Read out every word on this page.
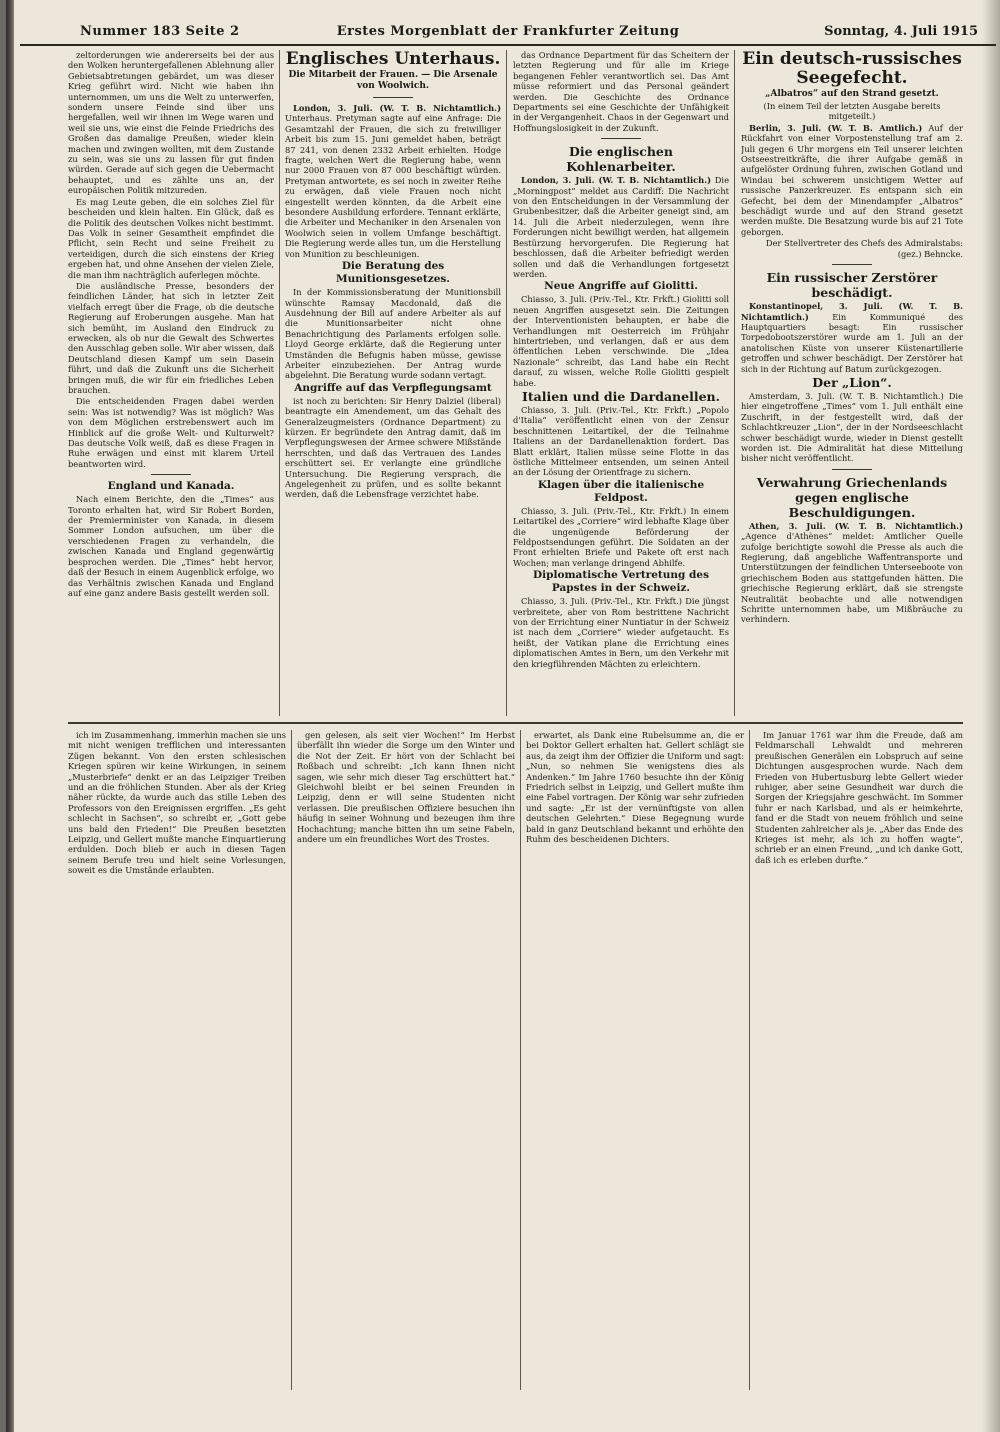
Nummer 183 Seite 2	Erstes Morgenblatt der Frankfurter Zeitung	Sonntag, 4. Juli 1915

zeltorderungen wie andererseits bei der aus den Wolken heruntergefallenen Ablehnung aller Gebietsabtretungen gebärdet, um was dieser Krieg geführt wird. Nicht wie haben ihn unternommen, um uns die Welt zu unterwerfen, sondern unsere Feinde sind über uns hergefallen, weil wir ihnen im Wege waren und weil sie uns, wie einst die Feinde Friedrichs des Großen das damalige Preußen, wieder klein machen und zwingen wollten, mit dem Zustande zu sein, was sie uns zu lassen für gut finden würden. Gerade auf sich gegen die Uebermacht behauptet, und es zählte uns an, der europäischen Politik mitzureden.

Es mag Leute geben, die ein solches Ziel für bescheiden und klein halten. Ein Glück, daß es die Politik des deutschen Volkes nicht bestimmt. Das Volk in seiner Gesamtheit empfindet die Pflicht, sein Recht und seine Freiheit zu verteidigen, durch die sich einstens der Krieg ergeben hat, und ohne Ansehen der vielen Ziele, die man ihm nachträglich auferlegen möchte.

Die ausländische Presse, besonders der feindlichen Länder, hat sich in letzter Zeit vielfach erregt über die Frage, ob die deutsche Regierung auf Eroberungen ausgehe. Man hat sich bemüht, im Ausland den Eindruck zu erwecken, als ob nur die Gewalt des Schwertes den Ausschlag geben solle. Wir aber wissen, daß Deutschland diesen Kampf um sein Dasein führt, und daß die Zukunft uns die Sicherheit bringen muß, die wir für ein friedliches Leben brauchen.

Die entscheidenden Fragen dabei werden sein: Was ist notwendig? Was ist möglich? Was von dem Möglichen erstrebenswert auch im Hinblick auf die große Welt- und Kulturwelt? Das deutsche Volk weiß, daß es diese Fragen in Ruhe erwägen und einst mit klarem Urteil beantworten wird.

England und Kanada.

Nach einem Berichte, den die „Times“ aus Toronto erhalten hat, wird Sir Robert Borden, der Premierminister von Kanada, in diesem Sommer London aufsuchen, um über die verschiedenen Fragen zu verhandeln, die zwischen Kanada und England gegenwärtig besprochen werden. Die „Times“ hebt hervor, daß der Besuch in einem Augenblick erfolge, wo das Verhältnis zwischen Kanada und England auf eine ganz andere Basis gestellt werden soll.

Englisches Unterhaus.

Die Mitarbeit der Frauen. — Die Arsenale von Woolwich.

London, 3. Juli. (W. T. B. Nichtamtlich.) Unterhaus. Pretyman sagte auf eine Anfrage: Die Gesamtzahl der Frauen, die sich zu freiwilliger Arbeit bis zum 15. Juni gemeldet haben, beträgt 87 241, von denen 2332 Arbeit erhielten. Hodge fragte, welchen Wert die Regierung habe, wenn nur 2000 Frauen von 87 000 beschäftigt würden. Pretyman antwortete, es sei noch in zweiter Reihe zu erwägen, daß viele Frauen noch nicht eingestellt werden könnten, da die Arbeit eine besondere Ausbildung erfordere. Tennant erklärte, die Arbeiter und Mechaniker in den Arsenalen von Woolwich seien in vollem Umfange beschäftigt. Die Regierung werde alles tun, um die Herstellung von Munition zu beschleunigen.

Die Beratung des Munitionsgesetzes.

In der Kommissionsberatung der Munitionsbill wünschte Ramsay Macdonald, daß die Ausdehnung der Bill auf andere Arbeiter als auf die Munitionsarbeiter nicht ohne Benachrichtigung des Parlaments erfolgen solle. Lloyd George erklärte, daß die Regierung unter Umständen die Befugnis haben müsse, gewisse Arbeiter einzubeziehen. Der Antrag wurde abgelehnt. Die Beratung wurde sodann vertagt.

Angriffe auf das Verpflegungsamt

ist noch zu berichten: Sir Henry Dalziel (liberal) beantragte ein Amendement, um das Gehalt des Generalzeugmeisters (Ordnance Department) zu kürzen. Er begründete den Antrag damit, daß im Verpflegungswesen der Armee schwere Mißstände herrschten, und daß das Vertrauen des Landes erschüttert sei. Er verlangte eine gründliche Untersuchung. Die Regierung versprach, die Angelegenheit zu prüfen, und es sollte bekannt werden, daß die Lebensfrage verzichtet habe.

das Ordnance Department für das Scheitern der letzten Regierung und für alle im Kriege begangenen Fehler verantwortlich sei. Das Amt müsse reformiert und das Personal geändert werden. Die Geschichte des Ordnance Departments sei eine Geschichte der Unfähigkeit in der Vergangenheit. Chaos in der Gegenwart und Hoffnungslosigkeit in der Zukunft.

Die englischen Kohlenarbeiter.

London, 3. Juli. (W. T. B. Nichtamtlich.) Die „Morningpost“ meldet aus Cardiff: Die Nachricht von den Entscheidungen in der Versammlung der Grubenbesitzer, daß die Arbeiter geneigt sind, am 14. Juli die Arbeit niederzulegen, wenn ihre Forderungen nicht bewilligt werden, hat allgemein Bestürzung hervorgerufen. Die Regierung hat beschlossen, daß die Arbeiter befriedigt werden sollen und daß die Verhandlungen fortgesetzt werden.

Neue Angriffe auf Giolitti.

Chiasso, 3. Juli. (Priv.-Tel., Ktr. Frkft.) Giolitti soll neuen Angriffen ausgesetzt sein. Die Zeitungen der Interventionisten behaupten, er habe die Verhandlungen mit Oesterreich im Frühjahr hintertrieben, und verlangen, daß er aus dem öffentlichen Leben verschwinde. Die „Idea Nazionale“ schreibt, das Land habe ein Recht darauf, zu wissen, welche Rolle Giolitti gespielt habe.

Italien und die Dardanellen.

Chiasso, 3. Juli. (Priv.-Tel., Ktr. Frkft.) „Popolo d'Italia“ veröffentlicht einen von der Zensur beschnittenen Leitartikel, der die Teilnahme Italiens an der Dardanellenaktion fordert. Das Blatt erklärt, Italien müsse seine Flotte in das östliche Mittelmeer entsenden, um seinen Anteil an der Lösung der Orientfrage zu sichern.

Klagen über die italienische Feldpost.

Chiasso, 3. Juli. (Priv.-Tel., Ktr. Frkft.) In einem Leitartikel des „Corriere“ wird lebhafte Klage über die ungenügende Beförderung der Feldpostsendungen geführt. Die Soldaten an der Front erhielten Briefe und Pakete oft erst nach Wochen; man verlange dringend Abhilfe.

Diplomatische Vertretung des Papstes in der Schweiz.

Chiasso, 3. Juli. (Priv.-Tel., Ktr. Frkft.) Die jüngst verbreitete, aber von Rom bestrittene Nachricht von der Errichtung einer Nuntiatur in der Schweiz ist nach dem „Corriere“ wieder aufgetaucht. Es heißt, der Vatikan plane die Errichtung eines diplomatischen Amtes in Bern, um den Verkehr mit den kriegführenden Mächten zu erleichtern.

Ein deutsch-russisches Seegefecht.

„Albatros“ auf den Strand gesetzt.

(In einem Teil der letzten Ausgabe bereits mitgeteilt.)

Berlin, 3. Juli. (W. T. B. Amtlich.) Auf der Rückfahrt von einer Vorpostenstellung traf am 2. Juli gegen 6 Uhr morgens ein Teil unserer leichten Ostseestreitkräfte, die ihrer Aufgabe gemäß in aufgelöster Ordnung fuhren, zwischen Gotland und Windau bei schwerem unsichtigem Wetter auf russische Panzerkreuzer. Es entspann sich ein Gefecht, bei dem der Minendampfer „Albatros“ beschädigt wurde und auf den Strand gesetzt werden mußte. Die Besatzung wurde bis auf 21 Tote geborgen.

Der Stellvertreter des Chefs des Admiralstabs: (gez.) Behncke.

Ein russischer Zerstörer beschädigt.

Konstantinopel, 3. Juli. (W. T. B. Nichtamtlich.)	Ein Kommuniqué des Hauptquartiers besagt: Ein russischer Torpedobootszerstörer wurde am 1. Juli an der anatolischen Küste von unserer Küstenartillerie getroffen und schwer beschädigt. Der Zerstörer hat sich in der Richtung auf Batum zurückgezogen.

Der „Lion“.

Amsterdam, 3. Juli. (W. T. B. Nichtamtlich.) Die hier eingetroffene „Times“ vom 1. Juli enthält eine Zuschrift, in der festgestellt wird, daß der Schlachtkreuzer „Lion“, der in der Nordseeschlacht schwer beschädigt wurde, wieder in Dienst gestellt worden ist. Die Admiralität hat diese Mitteilung bisher nicht veröffentlicht.

Verwahrung Griechenlands gegen englische Beschuldigungen.

Athen, 3. Juli. (W. T. B. Nichtamtlich.) „Agence d'Athènes“ meldet: Amtlicher Quelle zufolge berichtigte sowohl die Presse als auch die Regierung, daß angebliche Waffentransporte und Unterstützungen der feindlichen Unterseeboote von griechischem Boden aus stattgefunden hätten. Die griechische Regierung erklärt, daß sie strengste Neutralität beobachte und alle notwendigen Schritte unternommen habe, um Mißbräuche zu verhindern.

ich im Zusammenhang, immerhin machen sie uns mit nicht wenigen trefflichen und interessanten Zügen bekannt. Von den ersten schlesischen Kriegen spüren wir keine Wirkungen, in seinem „Musterbriefe“ denkt er an das Leipziger Treiben und an die fröhlichen Stunden. Aber als der Krieg näher rückte, da wurde auch das stille Leben des Professors von den Ereignissen ergriffen. „Es geht schlecht in Sachsen“, so schreibt er, „Gott gebe uns bald den Frieden!“ Die Preußen besetzten Leipzig, und Gellert mußte manche Einquartierung erdulden. Doch blieb er auch in diesen Tagen seinem Berufe treu und hielt seine Vorlesungen, soweit es die Umstände erlaubten.

gen gelesen, als seit vier Wochen!“ Im Herbst überfällt ihn wieder die Sorge um den Winter und die Not der Zeit. Er hört von der Schlacht bei Roßbach und schreibt: „Ich kann Ihnen nicht sagen, wie sehr mich dieser Tag erschüttert hat.“ Gleichwohl bleibt er bei seinen Freunden in Leipzig, denn er will seine Studenten nicht verlassen. Die preußischen Offiziere besuchen ihn häufig in seiner Wohnung und bezeugen ihm ihre Hochachtung; manche bitten ihn um seine Fabeln, andere um ein freundliches Wort des Trostes.

erwartet, als Dank eine Rubelsumme an, die er bei Doktor Gellert erhalten hat. Gellert schlägt sie aus, da zeigt ihm der Offizier die Uniform und sagt: „Nun, so nehmen Sie wenigstens dies als Andenken.“ Im Jahre 1760 besuchte ihn der König Friedrich selbst in Leipzig, und Gellert mußte ihm eine Fabel vortragen. Der König war sehr zufrieden und sagte: „Er ist der vernünftigste von allen deutschen Gelehrten.“ Diese Begegnung wurde bald in ganz Deutschland bekannt und erhöhte den Ruhm des bescheidenen Dichters.

Im Januar 1761 war ihm die Freude, daß am Feldmarschall Lehwaldt und mehreren preußischen Generälen ein Lobspruch auf seine Dichtungen ausgesprochen wurde. Nach dem Frieden von Hubertusburg lebte Gellert wieder ruhiger, aber seine Gesundheit war durch die Sorgen der Kriegsjahre geschwächt. Im Sommer fuhr er nach Karlsbad, und als er heimkehrte, fand er die Stadt von neuem fröhlich und seine Studenten zahlreicher als je. „Aber das Ende des Krieges ist mehr, als ich zu hoffen wagte“, schrieb er an einen Freund, „und ich danke Gott, daß ich es erleben durfte.“
